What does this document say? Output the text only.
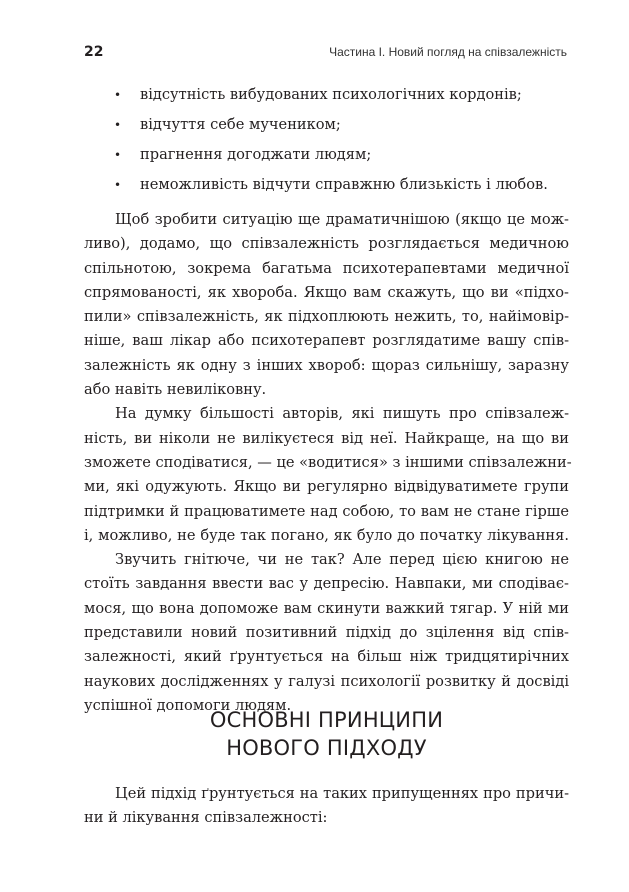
22	Частина I. Новий погляд на співзалежність
• відсутність вибудованих психологічних кордонів;
• відчуття себе мучеником;
• прагнення догоджати людям;
• неможливість відчути справжню близькість і любов.
Щоб зробити ситуацію ще драматичнішою (якщо це мож-
ливо), додамо, що співзалежність розглядається медичною
спільнотою, зокрема багатьма психотерапевтами медичної
спрямованості, як хвороба. Якщо вам скажуть, що ви «підхо-
пили» співзалежність, як підхоплюють нежить, то, найімовір-
ніше, ваш лікар або психотерапевт розглядатиме вашу спів-
залежність як одну з інших хвороб: щораз сильнішу, заразну
або навіть невиліковну.
На думку більшості авторів, які пишуть про співзалеж-
ність, ви ніколи не вилікуєтеся від неї. Найкраще, на що ви
зможете сподіватися, — це «водитися» з іншими співзалежни-
ми, які одужують. Якщо ви регулярно відвідуватимете групи
підтримки й працюватимете над собою, то вам не стане гірше
і, можливо, не буде так погано, як було до початку лікування.
Звучить гнітюче, чи не так? Але перед цією книгою не
стоїть завдання ввести вас у депресію. Навпаки, ми сподіває-
мося, що вона допоможе вам скинути важкий тягар. У ній ми
представили новий позитивний підхід до зцілення від спів-
залежності, який ґрунтується на більш ніж тридцятирічних
наукових дослідженнях у галузі психології розвитку й досвіді
успішної допомоги людям.
ОСНОВНІ ПРИНЦИПИ
НОВОГО ПІДХОДУ
Цей підхід ґрунтується на таких припущеннях про причи-
ни й лікування співзалежності:
